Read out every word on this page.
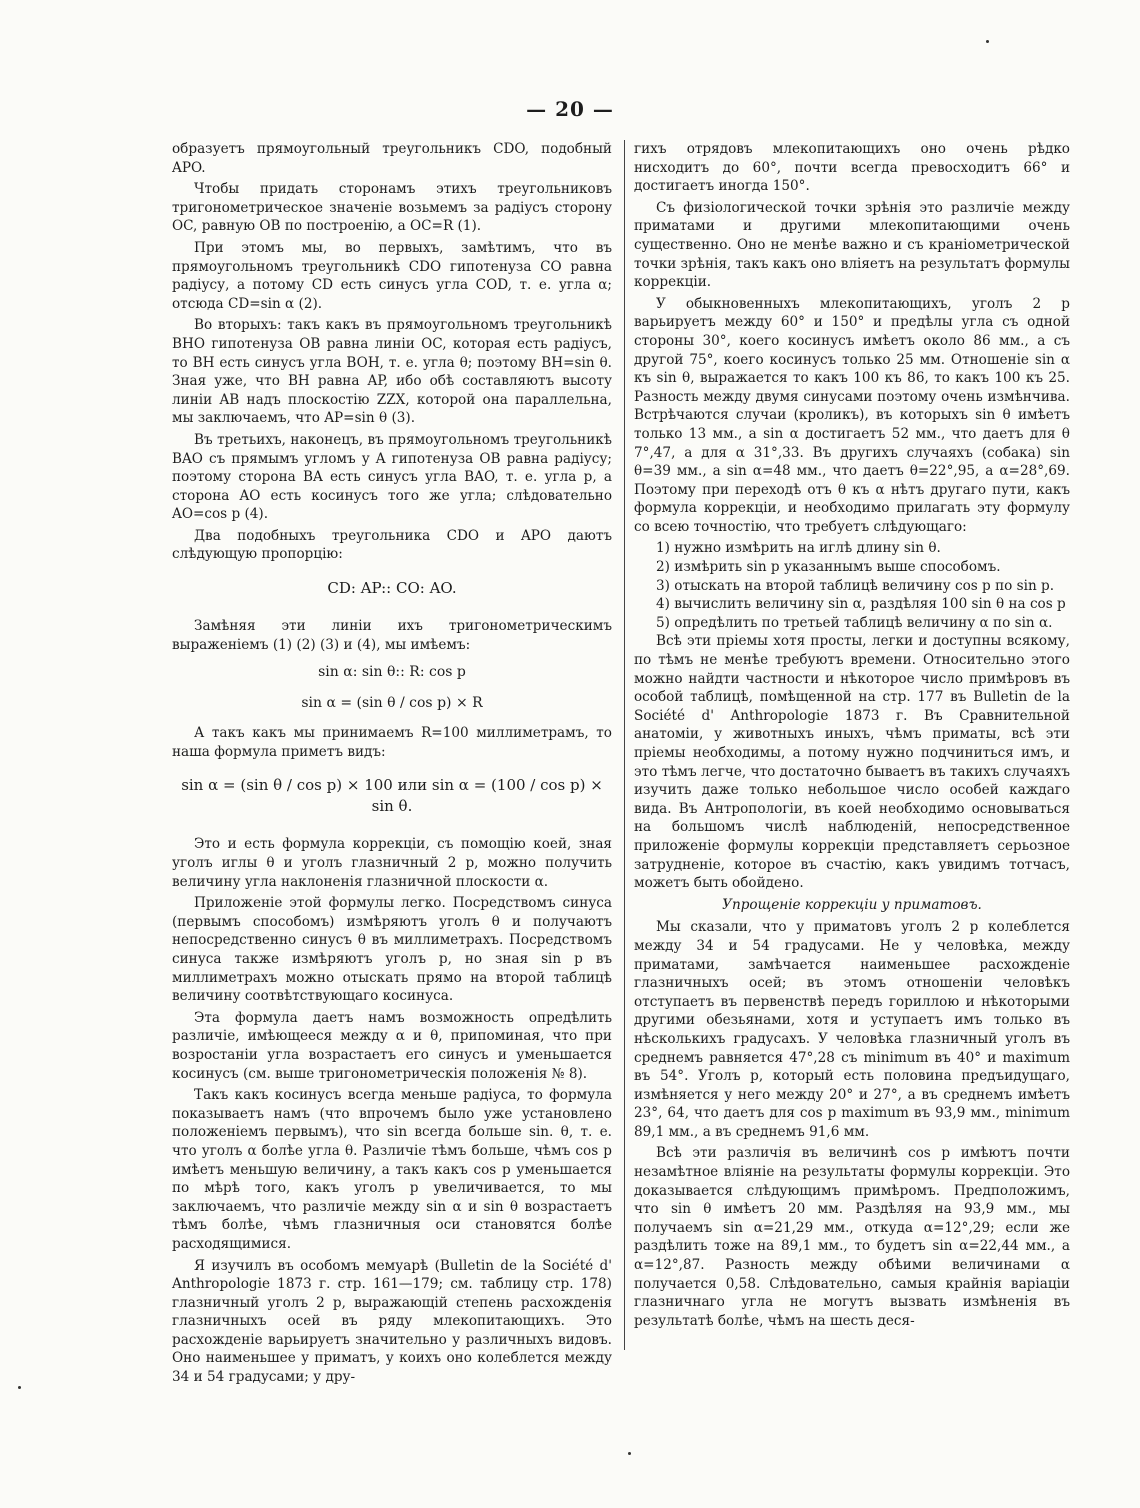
— 20 —

образуетъ прямоугольный треугольникъ CDO, подобный APO.

Чтобы придать сторонамъ этихъ треугольниковъ тригонометрическое значеніе возьмемъ за радіусъ сторону OC, равную OB по построенію, а OC=R (1).

При этомъ мы, во первыхъ, замѣтимъ, что въ прямоугольномъ треугольникѣ CDO гипотенуза CO равна радіусу, а потому CD есть синусъ угла COD, т. е. угла α; отсюда CD=sin α (2).

Во вторыхъ: такъ какъ въ прямоугольномъ треугольникѣ BHO гипотенуза OB равна линіи OC, которая есть радіусъ, то BH есть синусъ угла BOH, т. е. угла θ; поэтому BH=sin θ. Зная уже, что BH равна AP, ибо обѣ составляютъ высоту линіи AB надъ плоскостію ZZX, которой она параллельна, мы заключаемъ, что AP=sin θ (3).

Въ третьихъ, наконецъ, въ прямоугольномъ треугольникѣ BAO съ прямымъ угломъ у A гипотенуза OB равна радіусу; поэтому сторона BA есть синусъ угла BAO, т. е. угла p, а сторона AO есть косинусъ того же угла; слѣдовательно AO=cos p (4).

Два подобныхъ треугольника CDO и APO даютъ слѣдующую пропорцію:

CD: AP:: CO: AO.

Замѣняя эти линіи ихъ тригонометрическимъ выраженіемъ (1) (2) (3) и (4), мы имѣемъ:

sin α: sin θ:: R: cos p
sin α = (sin θ / cos p) × R

А такъ какъ мы принимаемъ R=100 миллиметрамъ, то наша формула приметъ видъ:

sin α = (sin θ / cos p) × 100 или sin α = (100 / cos p) × sin θ.

Это и есть формула коррекціи, съ помощію коей, зная уголъ иглы θ и уголъ глазничный 2 p, можно получить величину угла наклоненія глазничной плоскости α.

Приложеніе этой формулы легко. Посредствомъ синуса (первымъ способомъ) измѣряютъ уголъ θ и получаютъ непосредственно синусъ θ въ миллиметрахъ. Посредствомъ синуса также измѣряютъ уголъ p, но зная sin p въ миллиметрахъ можно отыскать прямо на второй таблицѣ величину соотвѣтствующаго косинуса.

Эта формула даетъ намъ возможность опредѣлить различіе, имѣющееся между α и θ, припоминая, что при возростаніи угла возрастаетъ его синусъ и уменьшается косинусъ (см. выше тригонометрическія положенія № 8).

Такъ какъ косинусъ всегда меньше радіуса, то формула показываетъ намъ (что впрочемъ было уже установлено положеніемъ первымъ), что sin всегда больше sin. θ, т. е. что уголъ α болѣе угла θ. Различіе тѣмъ больше, чѣмъ cos p имѣетъ меньшую величину, а такъ какъ cos p уменьшается по мѣрѣ того, какъ уголъ p увеличивается, то мы заключаемъ, что различіе между sin α и sin θ возрастаетъ тѣмъ болѣе, чѣмъ глазничныя оси становятся болѣе расходящимися.

Я изучилъ въ особомъ мемуарѣ (Bulletin de la Société d' Anthropologie 1873 г. стр. 161—179; см. таблицу стр. 178) глазничный уголъ 2 p, выражающій степень расхожденія глазничныхъ осей въ ряду млекопитающихъ. Это расхожденіе варьируетъ значительно у различныхъ видовъ. Оно наименьшее у приматъ, у коихъ оно колеблется между 34 и 54 градусами; у дру-

гихъ отрядовъ млекопитающихъ оно очень рѣдко нисходитъ до 60°, почти всегда превосходитъ 66° и достигаетъ иногда 150°.

Съ физіологической точки зрѣнія это различіе между приматами и другими млекопитающими очень существенно. Оно не менѣе важно и съ краніометрической точки зрѣнія, такъ какъ оно вліяетъ на результатъ формулы коррекціи.

У обыкновенныхъ млекопитающихъ, уголъ 2 p варьируетъ между 60° и 150° и предѣлы угла съ одной стороны 30°, коего косинусъ имѣетъ около 86 мм., а съ другой 75°, коего косинусъ только 25 мм. Отношеніе sin α къ sin θ, выражается то какъ 100 къ 86, то какъ 100 къ 25. Разность между двумя синусами поэтому очень измѣнчива. Встрѣчаются случаи (кроликъ), въ которыхъ sin θ имѣетъ только 13 мм., а sin α достигаетъ 52 мм., что даетъ для θ 7°,47, а для α 31°,33. Въ другихъ случаяхъ (собака) sin θ=39 мм., а sin α=48 мм., что даетъ θ=22°,95, а α=28°,69. Поэтому при переходѣ отъ θ къ α нѣтъ другаго пути, какъ формула коррекціи, и необходимо прилагать эту формулу со всею точностію, что требуетъ слѣдующаго:

1) нужно измѣрить на иглѣ длину sin θ.

2) измѣрить sin p указаннымъ выше способомъ.

3) отыскать на второй таблицѣ величину cos p по sin p.

4) вычислить величину sin α, раздѣляя 100 sin θ на cos p

5) опредѣлить по третьей таблицѣ величину α по sin α.

Всѣ эти пріемы хотя просты, легки и доступны всякому, по тѣмъ не менѣе требуютъ времени. Относительно этого можно найдти частности и нѣкоторое число примѣровъ въ особой таблицѣ, помѣщенной на стр. 177 въ Bulletin de la Société d' Anthropologie 1873 г. Въ Сравнительной анатоміи, у животныхъ иныхъ, чѣмъ приматы, всѣ эти пріемы необходимы, а потому нужно подчиниться имъ, и это тѣмъ легче, что достаточно бываетъ въ такихъ случаяхъ изучить даже только небольшое число особей каждаго вида. Въ Антропологіи, въ коей необходимо основываться на большомъ числѣ наблюденій, непосредственное приложеніе формулы коррекціи представляетъ серьозное затрудненіе, которое въ счастію, какъ увидимъ тотчасъ, можетъ быть обойдено.

Упрощеніе коррекціи у приматовъ.

Мы сказали, что у приматовъ уголъ 2 p колеблется между 34 и 54 градусами. Не у человѣка, между приматами, замѣчается наименьшее расхожденіе глазничныхъ осей; въ этомъ отношеніи человѣкъ отступаетъ въ первенствѣ передъ гориллою и нѣкоторыми другими обезьянами, хотя и уступаетъ имъ только въ нѣсколькихъ градусахъ. У человѣка глазничный уголъ въ среднемъ равняется 47°,28 съ minimum въ 40° и maximum въ 54°. Уголъ p, который есть половина предъидущаго, измѣняется у него между 20° и 27°, а въ среднемъ имѣетъ 23°, 64, что даетъ для cos p maximum въ 93,9 мм., minimum 89,1 мм., а въ среднемъ 91,6 мм.

Всѣ эти различія въ величинѣ cos p имѣютъ почти незамѣтное вліяніе на результаты формулы коррекціи. Это доказывается слѣдующимъ примѣромъ. Предположимъ, что sin θ имѣетъ 20 мм. Раздѣляя на 93,9 мм., мы получаемъ sin α=21,29 мм., откуда α=12°,29; если же раздѣлить тоже на 89,1 мм., то будетъ sin α=22,44 мм., а α=12°,87. Разность между обѣими величинами α получается 0,58. Слѣдовательно, самыя крайнія варіаціи глазничнаго угла не могутъ вызвать измѣненія въ результатѣ болѣе, чѣмъ на шесть деся-
